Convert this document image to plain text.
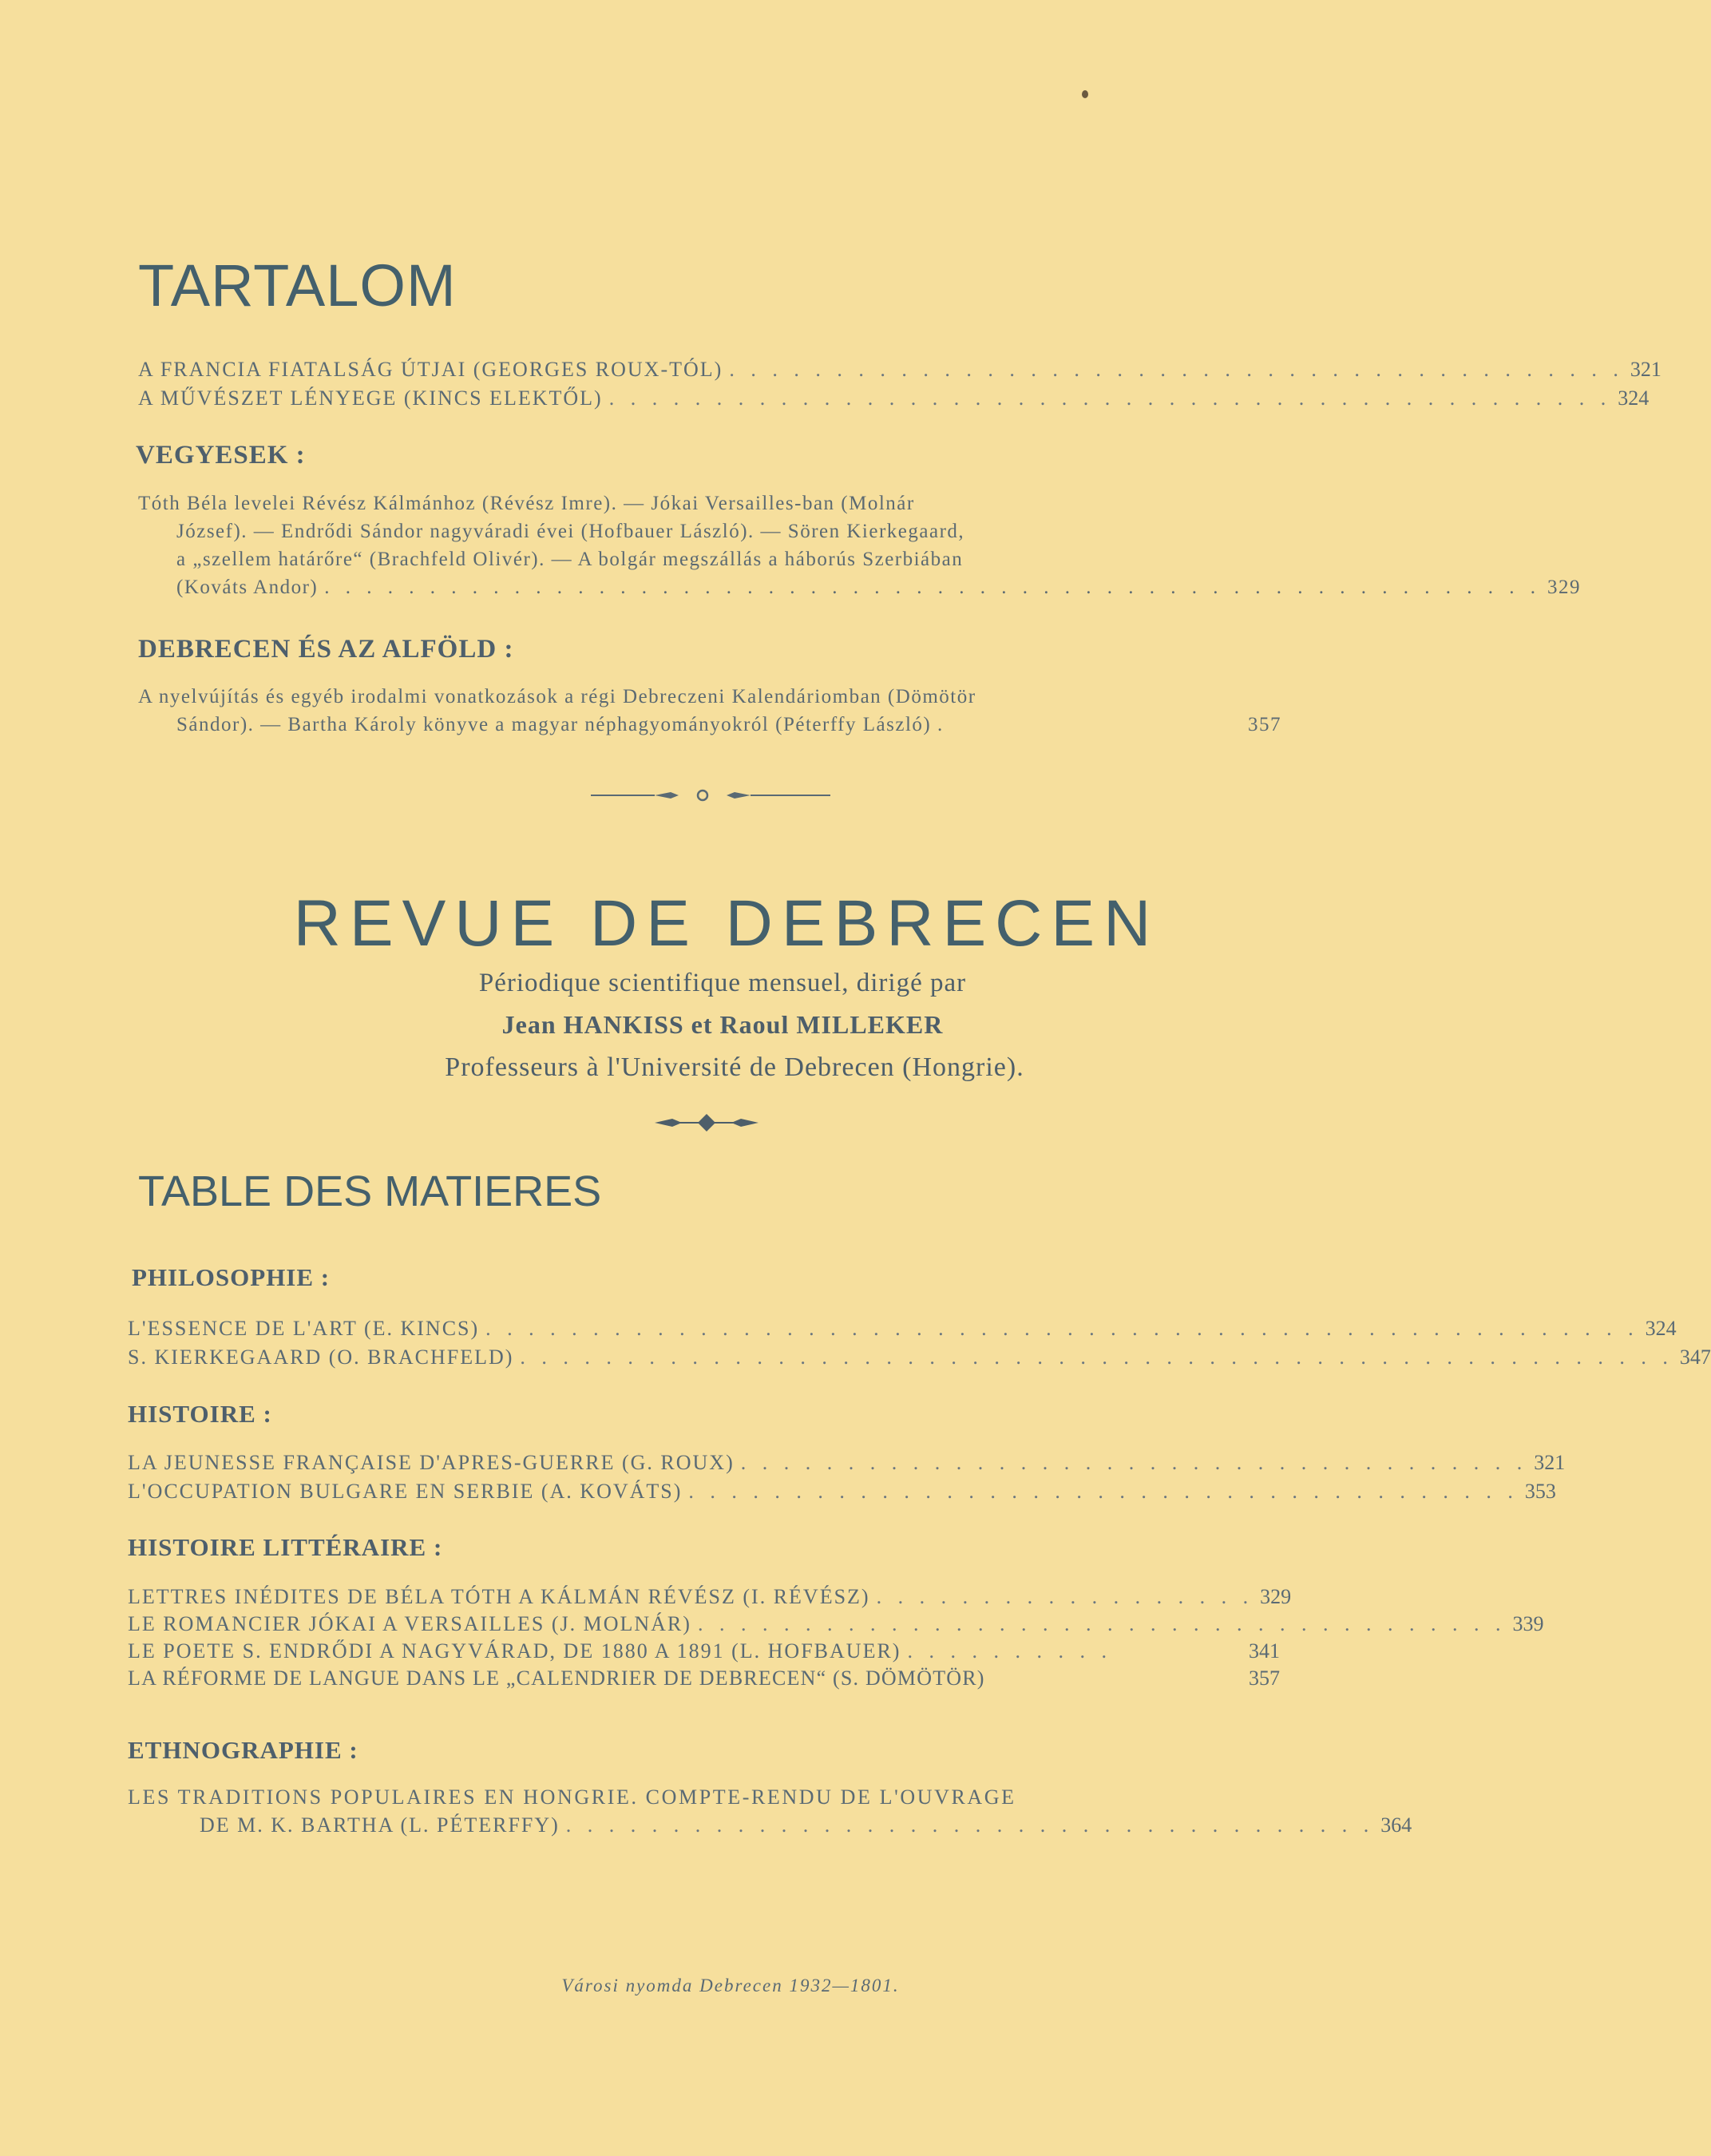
TARTALOM
A FRANCIA FIATALSÁG ÚTJAI (GEORGES ROUX-TÓL) . . . . . . . . . . . . . . . . . . . . . . . . . . . . . . . . . . . . . . . . . . 321
A MŰVÉSZET LÉNYEGE (KINCS ELEKTŐL) . . . . . . . . . . . . . . . . . . . . . . . . . . . . . . . . . . . . . . . . . . . . . . . 324
VEGYESEK :
Tóth Béla levelei Révész Kálmánhoz (Révész Imre). — Jókai Versailles-ban (Molnár
József). — Endrődi Sándor nagyváradi évei (Hofbauer László). — Sören Kierkegaard,
a „szellem határőre“ (Brachfeld Olivér). — A bolgár megszállás a háborús Szerbiában
(Kováts Andor) . . . . . . . . . . . . . . . . . . . . . . . . . . . . . . . . . . . . . . . . . . . . . . . . . . . . . . . . . . 329
DEBRECEN ÉS AZ ALFÖLD :
A nyelvújítás és egyéb irodalmi vonatkozások a régi Debreczeni Kalendáriomban (Dömötör
Sándor). — Bartha Károly könyve a magyar néphagyományokról (Péterffy László) .	357
REVUE DE DEBRECEN
Périodique scientifique mensuel, dirigé par
Jean HANKISS et Raoul MILLEKER
Professeurs à l'Université de Debrecen (Hongrie).
TABLE DES MATIERES
PHILOSOPHIE :
L'ESSENCE DE L'ART (E. KINCS) . . . . . . . . . . . . . . . . . . . . . . . . . . . . . . . . . . . . . . . . . . . . . . . . . . . . . . 324
S. KIERKEGAARD (O. BRACHFELD) . . . . . . . . . . . . . . . . . . . . . . . . . . . . . . . . . . . . . . . . . . . . . . . . . . . . . . 347
HISTOIRE :
LA JEUNESSE FRANÇAISE D'APRES-GUERRE (G. ROUX) . . . . . . . . . . . . . . . . . . . . . . . . . . . . . . . . . . . . . 321
L'OCCUPATION BULGARE EN SERBIE (A. KOVÁTS) . . . . . . . . . . . . . . . . . . . . . . . . . . . . . . . . . . . . . . . 353
HISTOIRE LITTÉRAIRE :
LETTRES INÉDITES DE BÉLA TÓTH A KÁLMÁN RÉVÉSZ (I. RÉVÉSZ) . . . . . . . . . . . . . . . . . . 329
LE ROMANCIER JÓKAI A VERSAILLES (J. MOLNÁR) . . . . . . . . . . . . . . . . . . . . . . . . . . . . . . . . . . . . . . 339
LE POETE S. ENDRŐDI A NAGYVÁRAD, DE 1880 A 1891 (L. HOFBAUER) . . . . . . . . . .	341
LA RÉFORME DE LANGUE DANS LE „CALENDRIER DE DEBRECEN“ (S. DÖMÖTÖR)	357
ETHNOGRAPHIE :
LES TRADITIONS POPULAIRES EN HONGRIE. COMPTE-RENDU DE L'OUVRAGE
DE M. K. BARTHA (L. PÉTERFFY) . . . . . . . . . . . . . . . . . . . . . . . . . . . . . . . . . . . . . . 364
Városi nyomda Debrecen 1932—1801.
